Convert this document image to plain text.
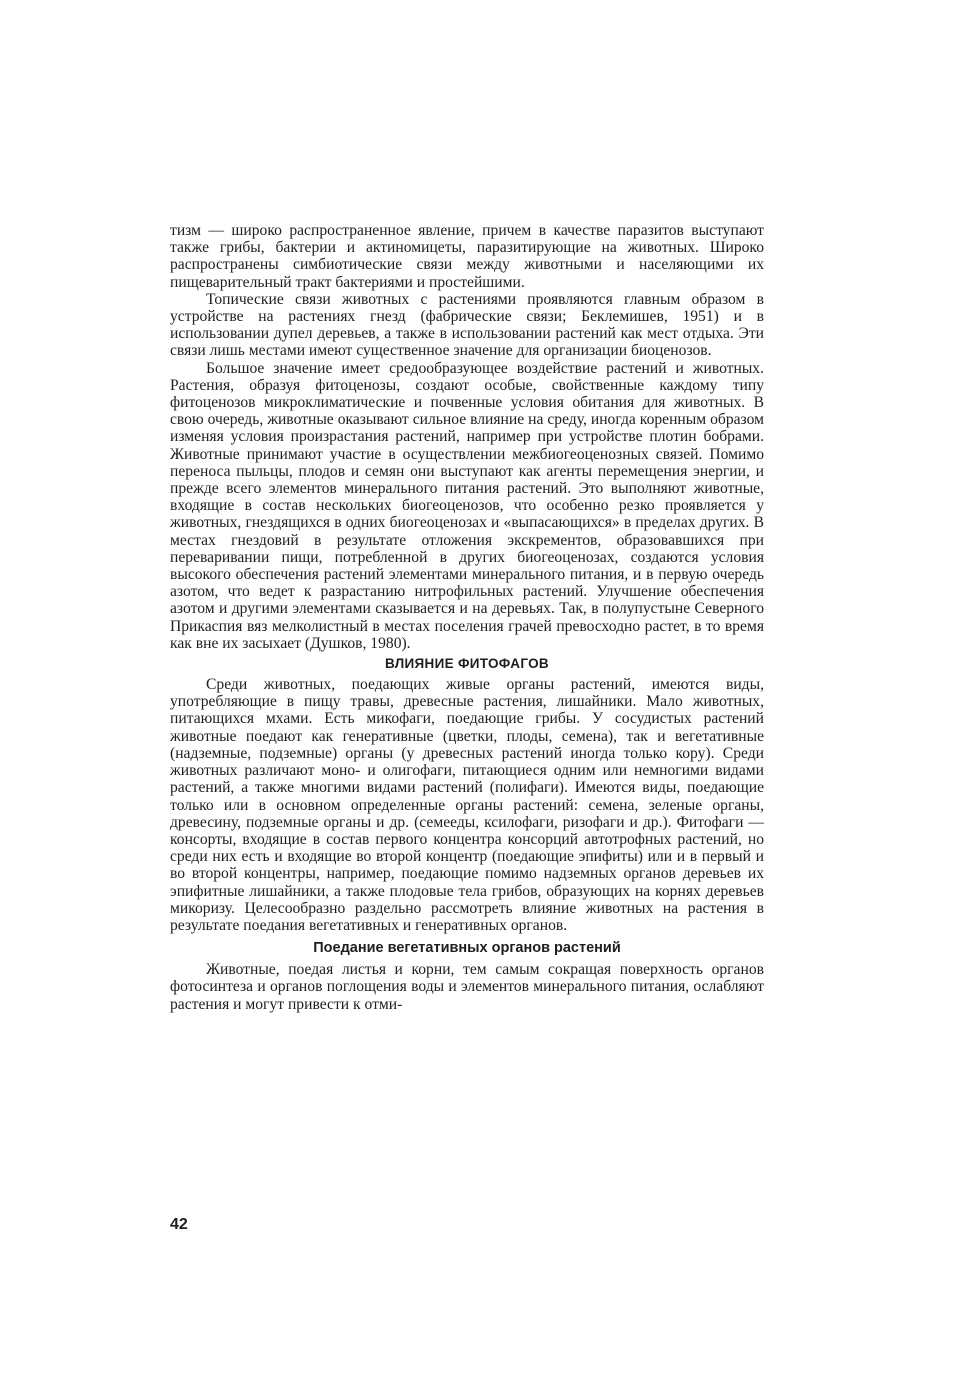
тизм — широко распространенное явление, причем в качестве паразитов выступают также грибы, бактерии и актиномицеты, паразитирующие на животных. Широко распространены симбиотические связи между животными и населяющими их пищеварительный тракт бактериями и простейшими.

Топические связи животных с растениями проявляются главным образом в устройстве на растениях гнезд (фабрические связи; Беклемишев, 1951) и в использовании дупел деревьев, а также в использовании растений как мест отдыха. Эти связи лишь местами имеют существенное значение для организации биоценозов.

Большое значение имеет средообразующее воздействие растений и животных. Растения, образуя фитоценозы, создают особые, свойственные каждому типу фитоценозов микроклиматические и почвенные условия обитания для животных. В свою очередь, животные оказывают сильное влияние на среду, иногда коренным образом изменяя условия произрастания растений, например при устройстве плотин бобрами. Животные принимают участие в осуществлении межбиогеоценозных связей. Помимо переноса пыльцы, плодов и семян они выступают как агенты перемещения энергии, и прежде всего элементов минерального питания растений. Это выполняют животные, входящие в состав нескольких биогеоценозов, что особенно резко проявляется у животных, гнездящихся в одних биогеоценозах и «выпасающихся» в пределах других. В местах гнездовий в результате отложения экскрементов, образовавшихся при переваривании пищи, потребленной в других биогеоценозах, создаются условия высокого обеспечения растений элементами минерального питания, и в первую очередь азотом, что ведет к разрастанию нитрофильных растений. Улучшение обеспечения азотом и другими элементами сказывается и на деревьях. Так, в полупустыне Северного Прикаспия вяз мелколистный в местах поселения грачей превосходно растет, в то время как вне их засыхает (Душков, 1980).

ВЛИЯНИЕ ФИТОФАГОВ

Среди животных, поедающих живые органы растений, имеются виды, употребляющие в пищу травы, древесные растения, лишайники. Мало животных, питающихся мхами. Есть микофаги, поедающие грибы. У сосудистых растений животные поедают как генеративные (цветки, плоды, семена), так и вегетативные (надземные, подземные) органы (у древесных растений иногда только кору). Среди животных различают моно- и олигофаги, питающиеся одним или немногими видами растений, а также многими видами растений (полифаги). Имеются виды, поедающие только или в основном определенные органы растений: семена, зеленые органы, древесину, подземные органы и др. (семееды, ксилофаги, ризофаги и др.). Фитофаги — консорты, входящие в состав первого концентра консорций автотрофных растений, но среди них есть и входящие во второй концентр (поедающие эпифиты) или и в первый и во второй концентры, например, поедающие помимо надземных органов деревьев их эпифитные лишайники, а также плодовые тела грибов, образующих на корнях деревьев микоризу. Целесообразно раздельно рассмотреть влияние животных на растения в результате поедания вегетативных и генеративных органов.

Поедание вегетативных органов растений

Животные, поедая листья и корни, тем самым сокращая поверхность органов фотосинтеза и органов поглощения воды и элементов минерального питания, ослабляют растения и могут привести к отми-

42
